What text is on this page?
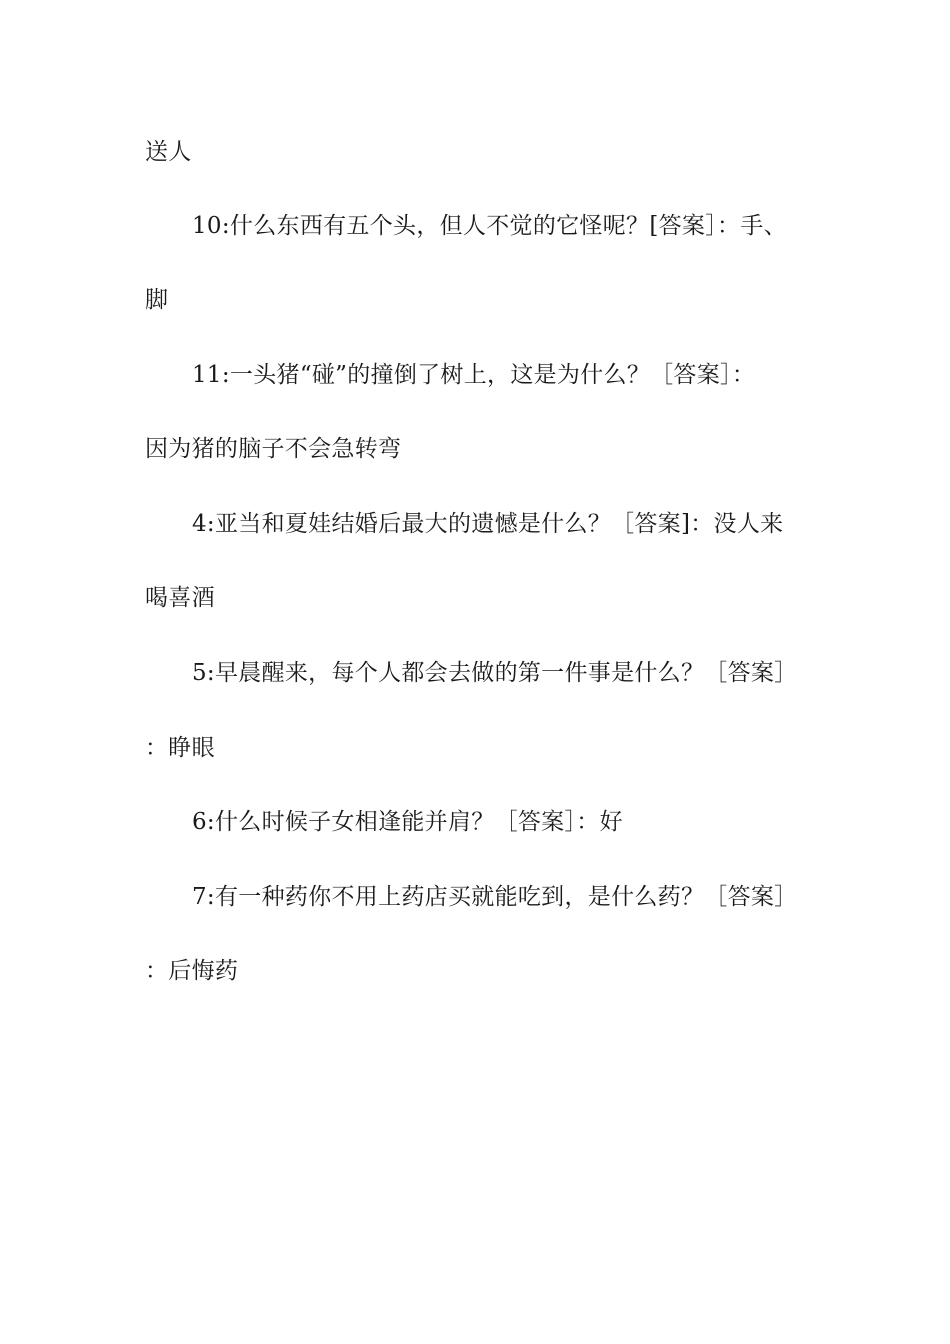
送人

10:什么东西有五个头，但人不觉的它怪呢？[答案］：手、

脚

11:一头猪“碰”的撞倒了树上，这是为什么？［答案］：

因为猪的脑子不会急转弯

4:亚当和夏娃结婚后最大的遗憾是什么？［答案]：没人来

喝喜酒

5:早晨醒来，每个人都会去做的第一件事是什么？［答案］

：睁眼

6:什么时候子女相逢能并肩？［答案］：好

7:有一种药你不用上药店买就能吃到，是什么药？［答案］

：后悔药
